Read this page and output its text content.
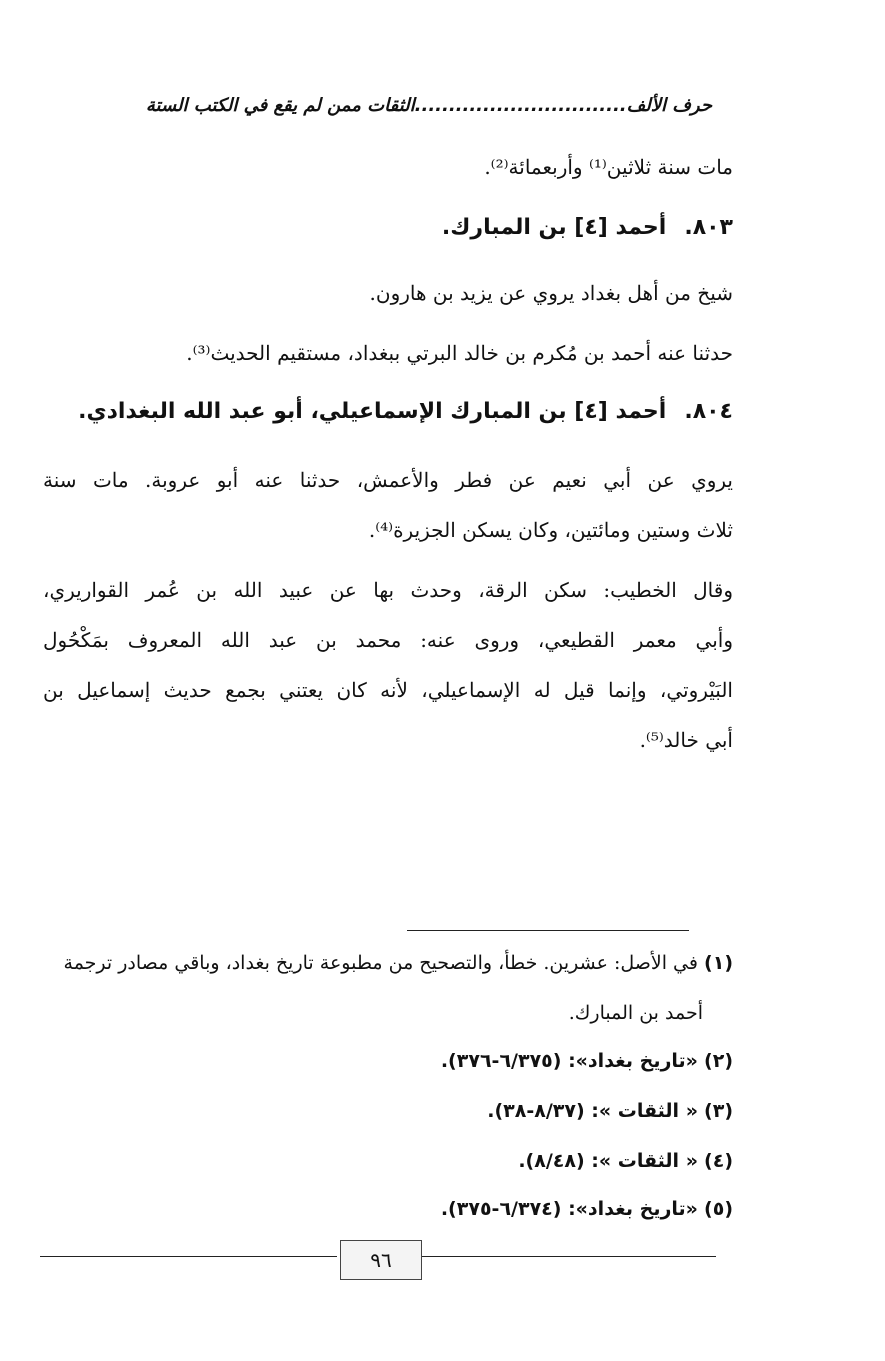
حرف الألف...............................الثقات ممن لم يقع في الكتب الستة
مات سنة ثلاثين⁽¹⁾ وأربعمائة⁽²⁾.
٨٠٣.أحمد [٤] بن المبارك.
شيخ من أهل بغداد يروي عن يزيد بن هارون.
حدثنا عنه أحمد بن مُكرم بن خالد البرتي ببغداد، مستقيم الحديث⁽³⁾.
٨٠٤.أحمد [٤] بن المبارك الإسماعيلي، أبو عبد الله البغدادي.
يروي عن أبي نعيم عن فطر والأعمش، حدثنا عنه أبو عروبة. مات سنة
ثلاث وستين ومائتين، وكان يسكن الجزيرة⁽⁴⁾.
وقال الخطيب: سكن الرقة، وحدث بها عن عبيد الله بن عُمر القواريري،
وأبي معمر القطيعي، وروى عنه: محمد بن عبد الله المعروف بمَكْحُول
البَيْروتي، وإنما قيل له الإسماعيلي، لأنه كان يعتني بجمع حديث إسماعيل بن
أبي خالد⁽⁵⁾.
(١) في الأصل: عشرين. خطأ، والتصحيح من مطبوعة تاريخ بغداد، وباقي مصادر ترجمة
أحمد بن المبارك.
(٢) «تاريخ بغداد»: (٦/٣٧٥-٣٧٦).
(٣) « الثقات »: (٨/٣٧-٣٨).
(٤) « الثقات »: (٨/٤٨).
(٥) «تاريخ بغداد»: (٦/٣٧٤-٣٧٥).
٩٦
